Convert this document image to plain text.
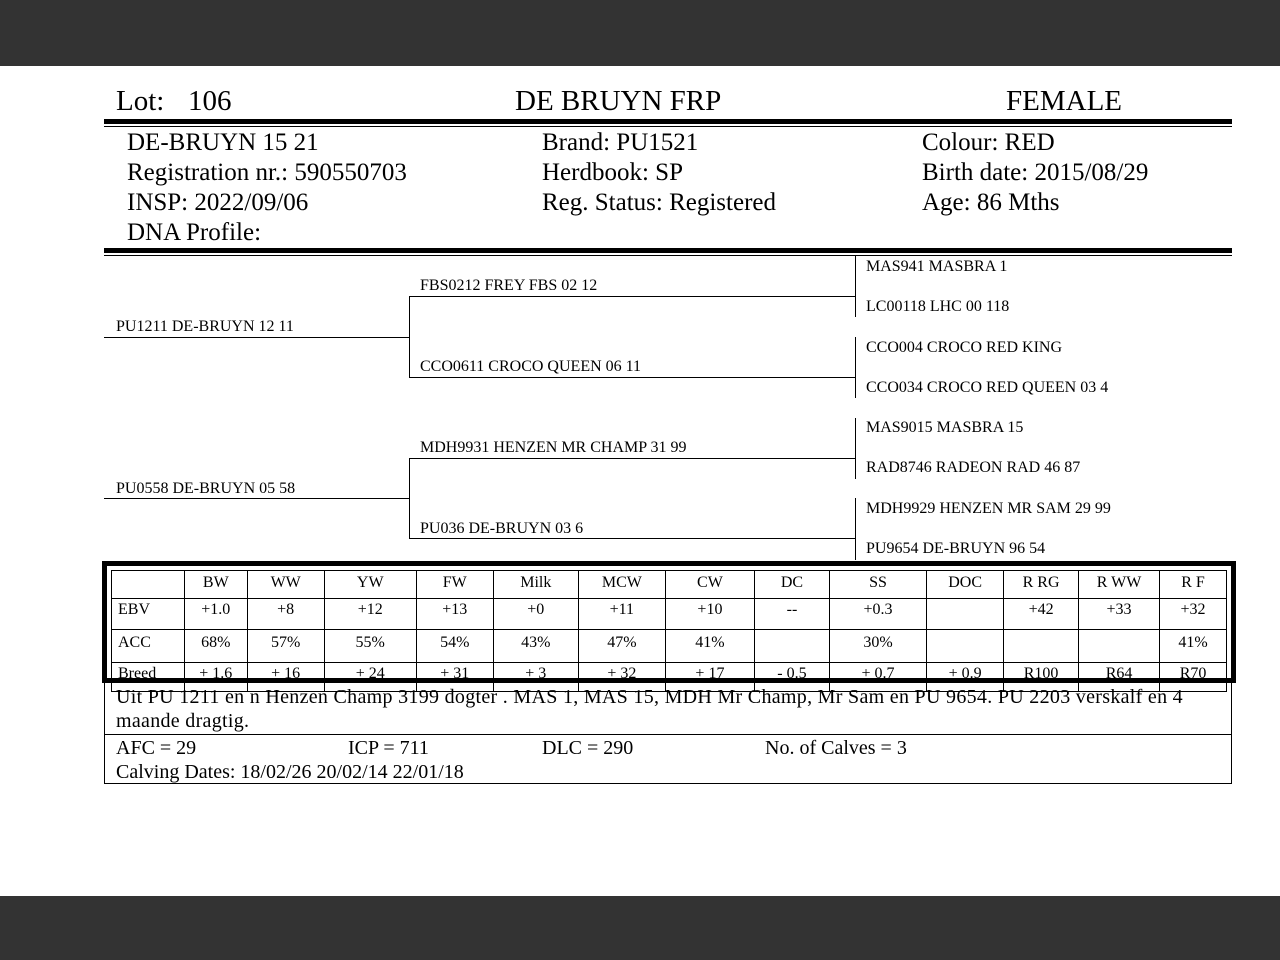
Lot: 106	DE BRUYN FRP	FEMALE
DE-BRUYN 15 21
Registration nr.: 590550703
INSP: 2022/09/06
DNA Profile:
Brand: PU1521
Herdbook: SP
Reg. Status: Registered
Colour: RED
Birth date: 2015/08/29
Age: 86 Mths
PU1211 DE-BRUYN 12 11
PU0558 DE-BRUYN 05 58
FBS0212 FREY FBS 02 12
CCO0611 CROCO QUEEN 06 11
MDH9931 HENZEN MR CHAMP 31 99
PU036 DE-BRUYN 03 6
MAS941 MASBRA 1
LC00118 LHC 00 118
CCO004 CROCO RED KING
CCO034 CROCO RED QUEEN 03 4
MAS9015 MASBRA 15
RAD8746 RADEON RAD 46 87
MDH9929 HENZEN MR SAM 29 99
PU9654 DE-BRUYN 96 54
	BW	WW	YW	FW	Milk	MCW	CW	DC	SS	DOC	R RG	R WW	R F
EBV	+1.0	+8	+12	+13	+0	+11	+10	--	+0.3		+42	+33	+32
ACC	68%	57%	55%	54%	43%	47%	41%		30%				41%
Breed	+ 1.6	+ 16	+ 24	+ 31	+ 3	+ 32	+ 17	- 0.5	+ 0.7	+ 0.9	R100	R64	R70
Uit PU 1211 en n Henzen Champ 3199 dogter . MAS 1, MAS 15, MDH Mr Champ, Mr Sam en PU 9654. PU 2203 verskalf en 4 maande dragtig.
AFC = 29	ICP = 711	DLC = 290	No. of Calves = 3
Calving Dates: 18/02/26 20/02/14 22/01/18
